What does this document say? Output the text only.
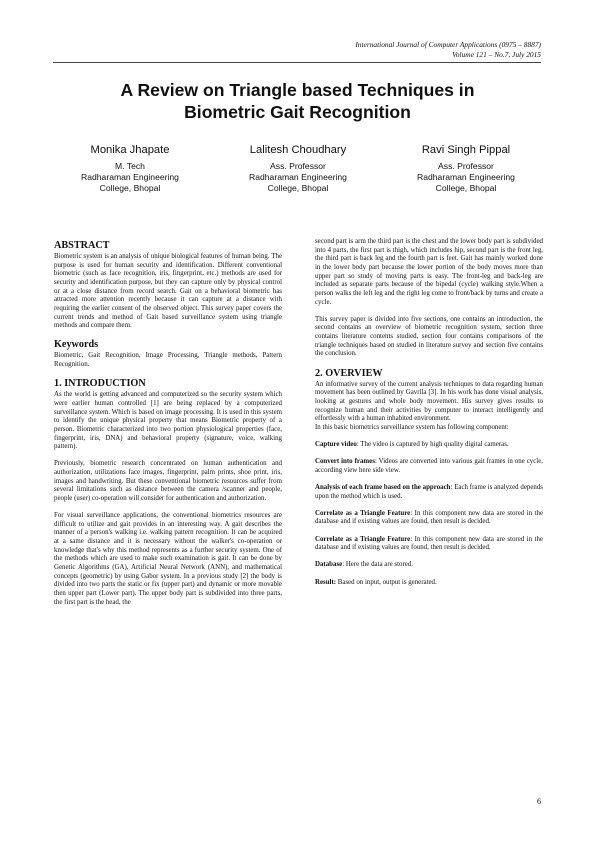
International Journal of Computer Applications (0975 – 8887)
Volume 121 – No.7, July 2015
A Review on Triangle based Techniques in
Biometric Gait Recognition
Monika Jhapate
M. Tech
Radharaman Engineering
College, Bhopal
Lalitesh Choudhary
Ass. Professor
Radharaman Engineering
College, Bhopal
Ravi Singh Pippal
Ass. Professor
Radharaman Engineering
College, Bhopal
ABSTRACT

Biometric system is an analysis of unique biological features of human being. The purpose is used for human security and identification. Different conventional biometric (such as face recognition, iris, fingerprint, etc.) methods are used for security and identification purpose, but they can capture only by physical control or at a close distance from record search. Gait on a behavioral biometric has attracted more attention recently because it can capture at a distance with requiring the earlier consent of the observed object. This survey paper covers the current trends and method of Gait based surveillance system using triangle methods and compare them.

Keywords

Biometric, Gait Recognition, Image Processing, Triangle methods, Pattern Recognition.

1. INTRODUCTION

As the world is getting advanced and computerized so the security system which were earlier human controlled [1] are being replaced by a computerized surveillance system. Which is based on image processing. It is used in this system to identify the unique physical property that means Biometric property of a person. Biometric characterized into two portion physiological properties (face, fingerprint, iris, DNA) and behavioral property (signature, voice, walking pattern).

Previously, biometric research concentrated on human authentication and authorization, utilizations face images, fingerprint, palm prints, shoe print, iris, images and handwriting. But these conventional biometric resources suffer from several limitations such as distance between the camera /scanner and people, people (user) co-operation will consider for authentication and authorization.

For visual surveillance applications, the conventional biometrics resources are difficult to utilize and gait provides in an interesting way. A gait describes the manner of a person's walking i.e. walking pattern recognition. It can be acquired at a same distance and it is necessary without the walker's co-operation or knowledge that's why this method represents as a further security system. One of the methods which are used to make such examination is gait. It can be done by Genetic Algorithms (GA), Artificial Neural Network (ANN), and mathematical concepts (geometric) by using Gabor system. In a previous study [2] the body is divided into two parts the static or fix (upper part) and dynamic or more movable then upper part (Lower part). The upper body part is subdivided into three parts, the first part is the head, the

second part is arm the third part is the chest and the lower body part is subdivided into 4 parts, the first part is thigh, which includes hip, second part is the front leg, the third part is back leg and the fourth part is feet. Gait has mainly worked done in the lower body part because the lower portion of the body moves more than upper part so study of moving parts is easy. The front-leg and back-leg are included as separate parts because of the bipedal (cycle) walking style.When a person walks the left leg and the right leg come to front/back by turns and create a cycle.

This survey paper is divided into five sections, one contains an introduction, the second contains an overview of biometric recognition system, section three contains literature contents studied, section four contains comparisons of the triangle techniques based on studied in literature survey and section five contains the conclusion.

2. OVERVIEW

An informative survey of the current analysis techniques to data regarding human movement has been outlined by Gavrlla [3]. In his work has done visual analysis, looking at gestures and whole body movement. His survey gives results to recognize human and their activities by computer to interact intelligently and effortlessly with a human inhabited environment.

In this basic biometrics surveillance system has following component:

Capture video: The video is captured by high quality digital cameras.

Convert into frames: Videos are converted into various gait frames in one cycle, according view here side view.

Analysis of each frame based on the approach: Each frame is analyzed depends upon the method which is used.

Correlate as a Triangle Feature: In this component new data are stored in the database and if existing values are found, then result is decided.

Correlate as a Triangle Feature: In this component new data are stored in the database and if existing values are found, then result is decided.

Database: Here the data are stored.

Result: Based on input, output is generated.

6
